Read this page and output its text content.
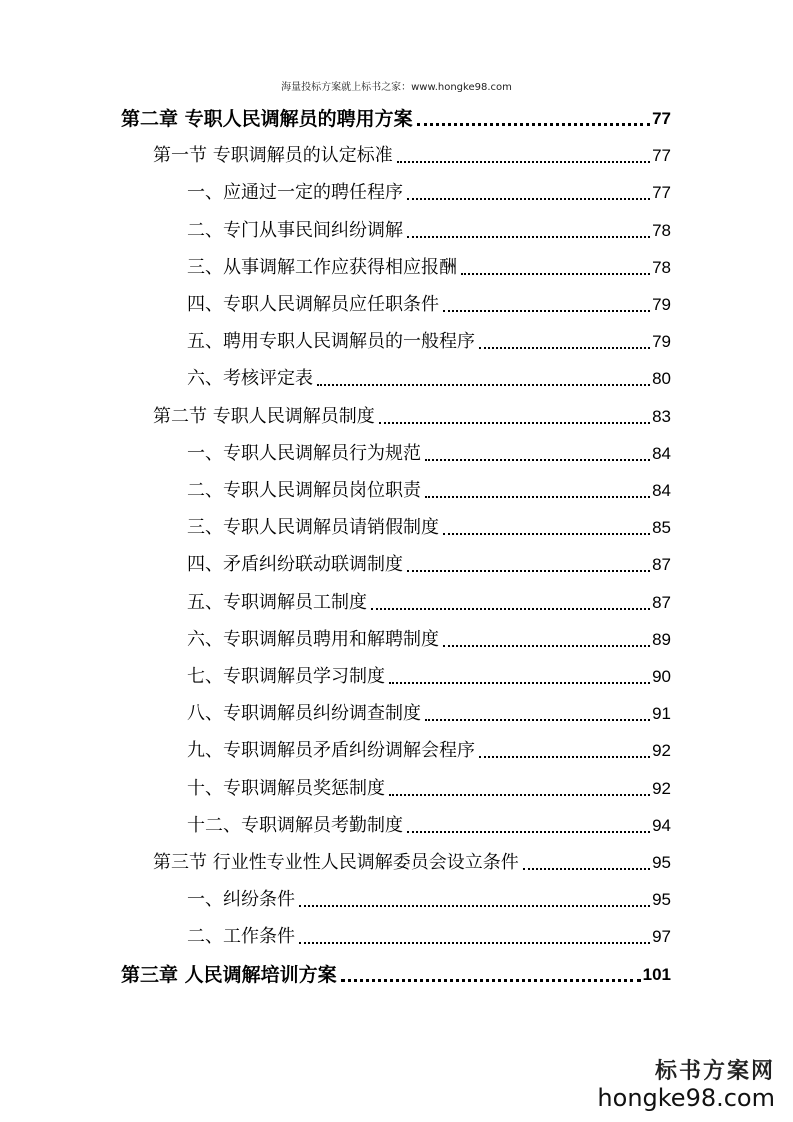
海量投标方案就上标书之家：www.hongke98.com
第二章 专职人民调解员的聘用方案	77
第一节 专职调解员的认定标准	77
一、应通过一定的聘任程序	77
二、专门从事民间纠纷调解	78
三、从事调解工作应获得相应报酬	78
四、专职人民调解员应任职条件	79
五、聘用专职人民调解员的一般程序	79
六、考核评定表	80
第二节 专职人民调解员制度	83
一、专职人民调解员行为规范	84
二、专职人民调解员岗位职责	84
三、专职人民调解员请销假制度	85
四、矛盾纠纷联动联调制度	87
五、专职调解员工制度	87
六、专职调解员聘用和解聘制度	89
七、专职调解员学习制度	90
八、专职调解员纠纷调查制度	91
九、专职调解员矛盾纠纷调解会程序	92
十、专职调解员奖惩制度	92
十二、专职调解员考勤制度	94
第三节 行业性专业性人民调解委员会设立条件	95
一、纠纷条件	95
二、工作条件	97
第三章 人民调解培训方案	101
标书方案网
hongke98.com
